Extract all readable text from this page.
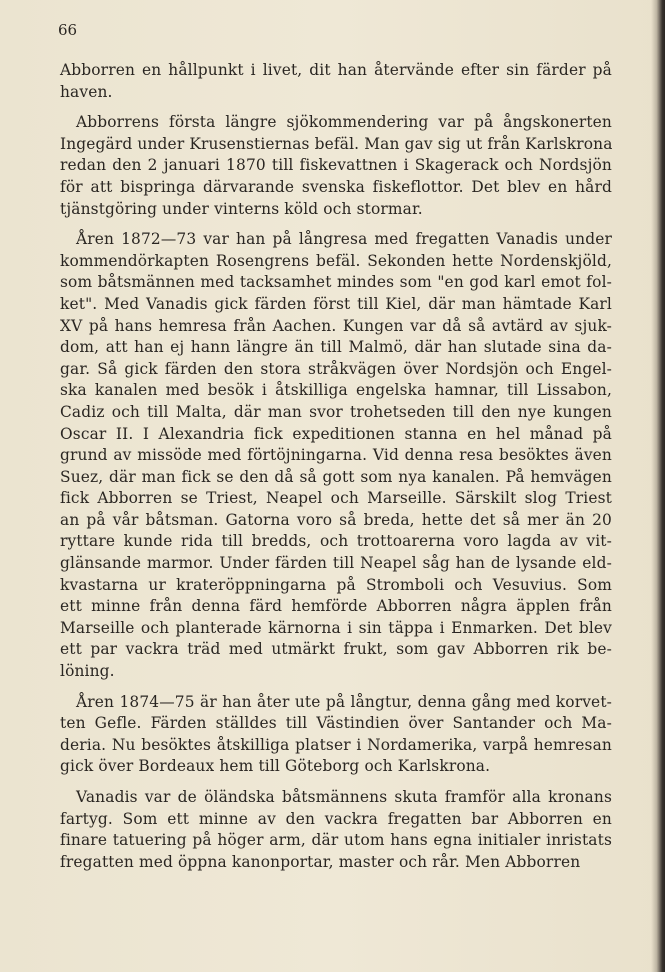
66

Abborren en hållpunkt i livet, dit han återvände efter sin färder på
haven.

Abborrens första längre sjökommendering var på ångskonerten
Ingegärd under Krusenstiernas befäl. Man gav sig ut från Karlskrona
redan den 2 januari 1870 till fiskevattnen i Skagerack och Nordsjön
för att bispringa därvarande svenska fiskeflottor. Det blev en hård
tjänstgöring under vinterns köld och stormar.

Åren 1872—73 var han på långresa med fregatten Vanadis under
kommendörkapten Rosengrens befäl. Sekonden hette Nordenskjöld,
som båtsmännen med tacksamhet mindes som "en god karl emot fol-
ket". Med Vanadis gick färden först till Kiel, där man hämtade Karl
XV på hans hemresa från Aachen. Kungen var då så avtärd av sjuk-
dom, att han ej hann längre än till Malmö, där han slutade sina da-
gar. Så gick färden den stora stråkvägen över Nordsjön och Engel-
ska kanalen med besök i åtskilliga engelska hamnar, till Lissabon,
Cadiz och till Malta, där man svor trohetseden till den nye kungen
Oscar II. I Alexandria fick expeditionen stanna en hel månad på
grund av missöde med förtöjningarna. Vid denna resa besöktes även
Suez, där man fick se den då så gott som nya kanalen. På hemvägen
fick Abborren se Triest, Neapel och Marseille. Särskilt slog Triest
an på vår båtsman. Gatorna voro så breda, hette det så mer än 20
ryttare kunde rida till bredds, och trottoarerna voro lagda av vit-
glänsande marmor. Under färden till Neapel såg han de lysande eld-
kvastarna ur krateröppningarna på Stromboli och Vesuvius. Som
ett minne från denna färd hemförde Abborren några äpplen från
Marseille och planterade kärnorna i sin täppa i Enmarken. Det blev
ett par vackra träd med utmärkt frukt, som gav Abborren rik be-
löning.

Åren 1874—75 är han åter ute på långtur, denna gång med korvet-
ten Gefle. Färden ställdes till Västindien över Santander och Ma-
deria. Nu besöktes åtskilliga platser i Nordamerika, varpå hemresan
gick över Bordeaux hem till Göteborg och Karlskrona.

Vanadis var de öländska båtsmännens skuta framför alla kronans
fartyg. Som ett minne av den vackra fregatten bar Abborren en
finare tatuering på höger arm, där utom hans egna initialer inristats
fregatten med öppna kanonportar, master och rår. Men Abborren
